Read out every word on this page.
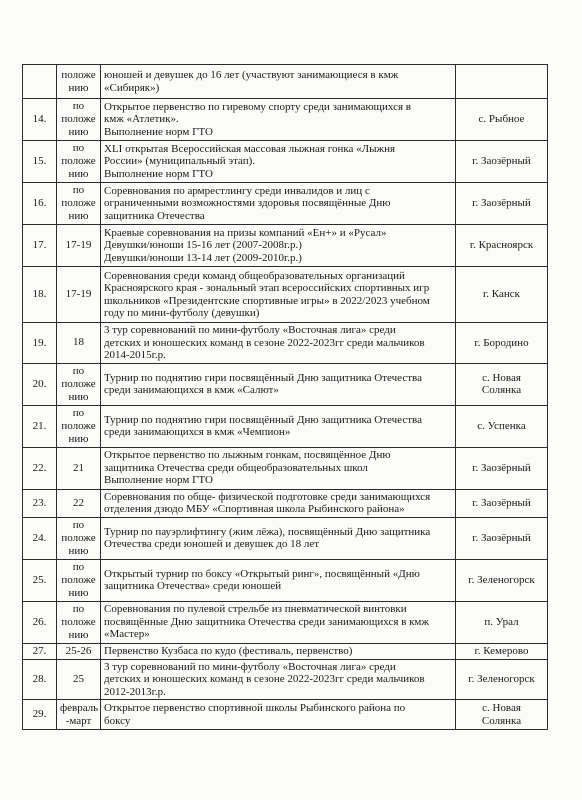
	положе
нию	юношей и девушек до 16 лет (участвуют занимающиеся в кмж
«Сибиряк»)	
14.	по
положе
нию	Открытое первенство по гиревому спорту среди занимающихся в
кмж «Атлетик».
Выполнение норм ГТО	с. Рыбное
15.	по
положе
нию	XLI открытая Всероссийская массовая лыжная гонка «Лыжня
России» (муниципальный этап).
Выполнение норм ГТО	г. Заозёрный
16.	по
положе
нию	Соревнования по армрестлингу среди инвалидов и лиц с
ограниченными возможностями здоровья посвящённые Дню
защитника Отечества	г. Заозёрный
17.	17-19	Краевые соревнования на призы компаний «Ен+» и «Русал»
Девушки/юноши 15-16 лет (2007-2008г.р.)
Девушки/юноши 13-14 лет (2009-2010г.р.)	г. Красноярск
18.	17-19	Соревнования среди команд общеобразовательных организаций
Красноярского края - зональный этап всероссийских спортивных игр
школьников «Президентские спортивные игры» в 2022/2023 учебном
году по мини-футболу (девушки)	г. Канск
19.	18	3 тур соревнований по мини-футболу «Восточная лига» среди
детских и юношеских команд в сезоне 2022-2023гг среди мальчиков
2014-2015г.р.	г. Бородино
20.	по
положе
нию	Турнир по поднятию гири посвящённый Дню защитника Отечества
среди занимающихся в кмж «Салют»	с. Новая
Солянка
21.	по
положе
нию	Турнир по поднятию гири посвящённый Дню защитника Отечества
среди занимающихся в кмж «Чемпион»	с. Успенка
22.	21	Открытое первенство по лыжным гонкам, посвящённое Дню
защитника Отечества среди общеобразовательных школ
Выполнение норм ГТО	г. Заозёрный
23.	22	Соревнования по обще- физической подготовке среди занимающихся
отделения дзюдо МБУ «Спортивная школа Рыбинского района»	г. Заозёрный
24.	по
положе
нию	Турнир по пауэрлифтингу (жим лёжа), посвящённый Дню защитника
Отечества среди юношей и девушек до 18 лет	г. Заозёрный
25.	по
положе
нию	Открытый турнир по боксу «Открытый ринг», посвящённый «Дню
защитника Отечества» среди юношей	г. Зеленогорск
26.	по
положе
нию	Соревнования по пулевой стрельбе из пневматической винтовки
посвящённые Дню защитника Отечества среди занимающихся в кмж
«Мастер»	п. Урал
27.	25-26	Первенство Кузбаса по кудо (фестиваль, первенство)	г. Кемерово
28.	25	3 тур соревнований по мини-футболу «Восточная лига» среди
детских и юношеских команд в сезоне 2022-2023гг среди мальчиков
2012-2013г.р.	г. Зеленогорск
29.	февраль
-март	Открытое первенство спортивной школы Рыбинского района по
боксу	с. Новая
Солянка
